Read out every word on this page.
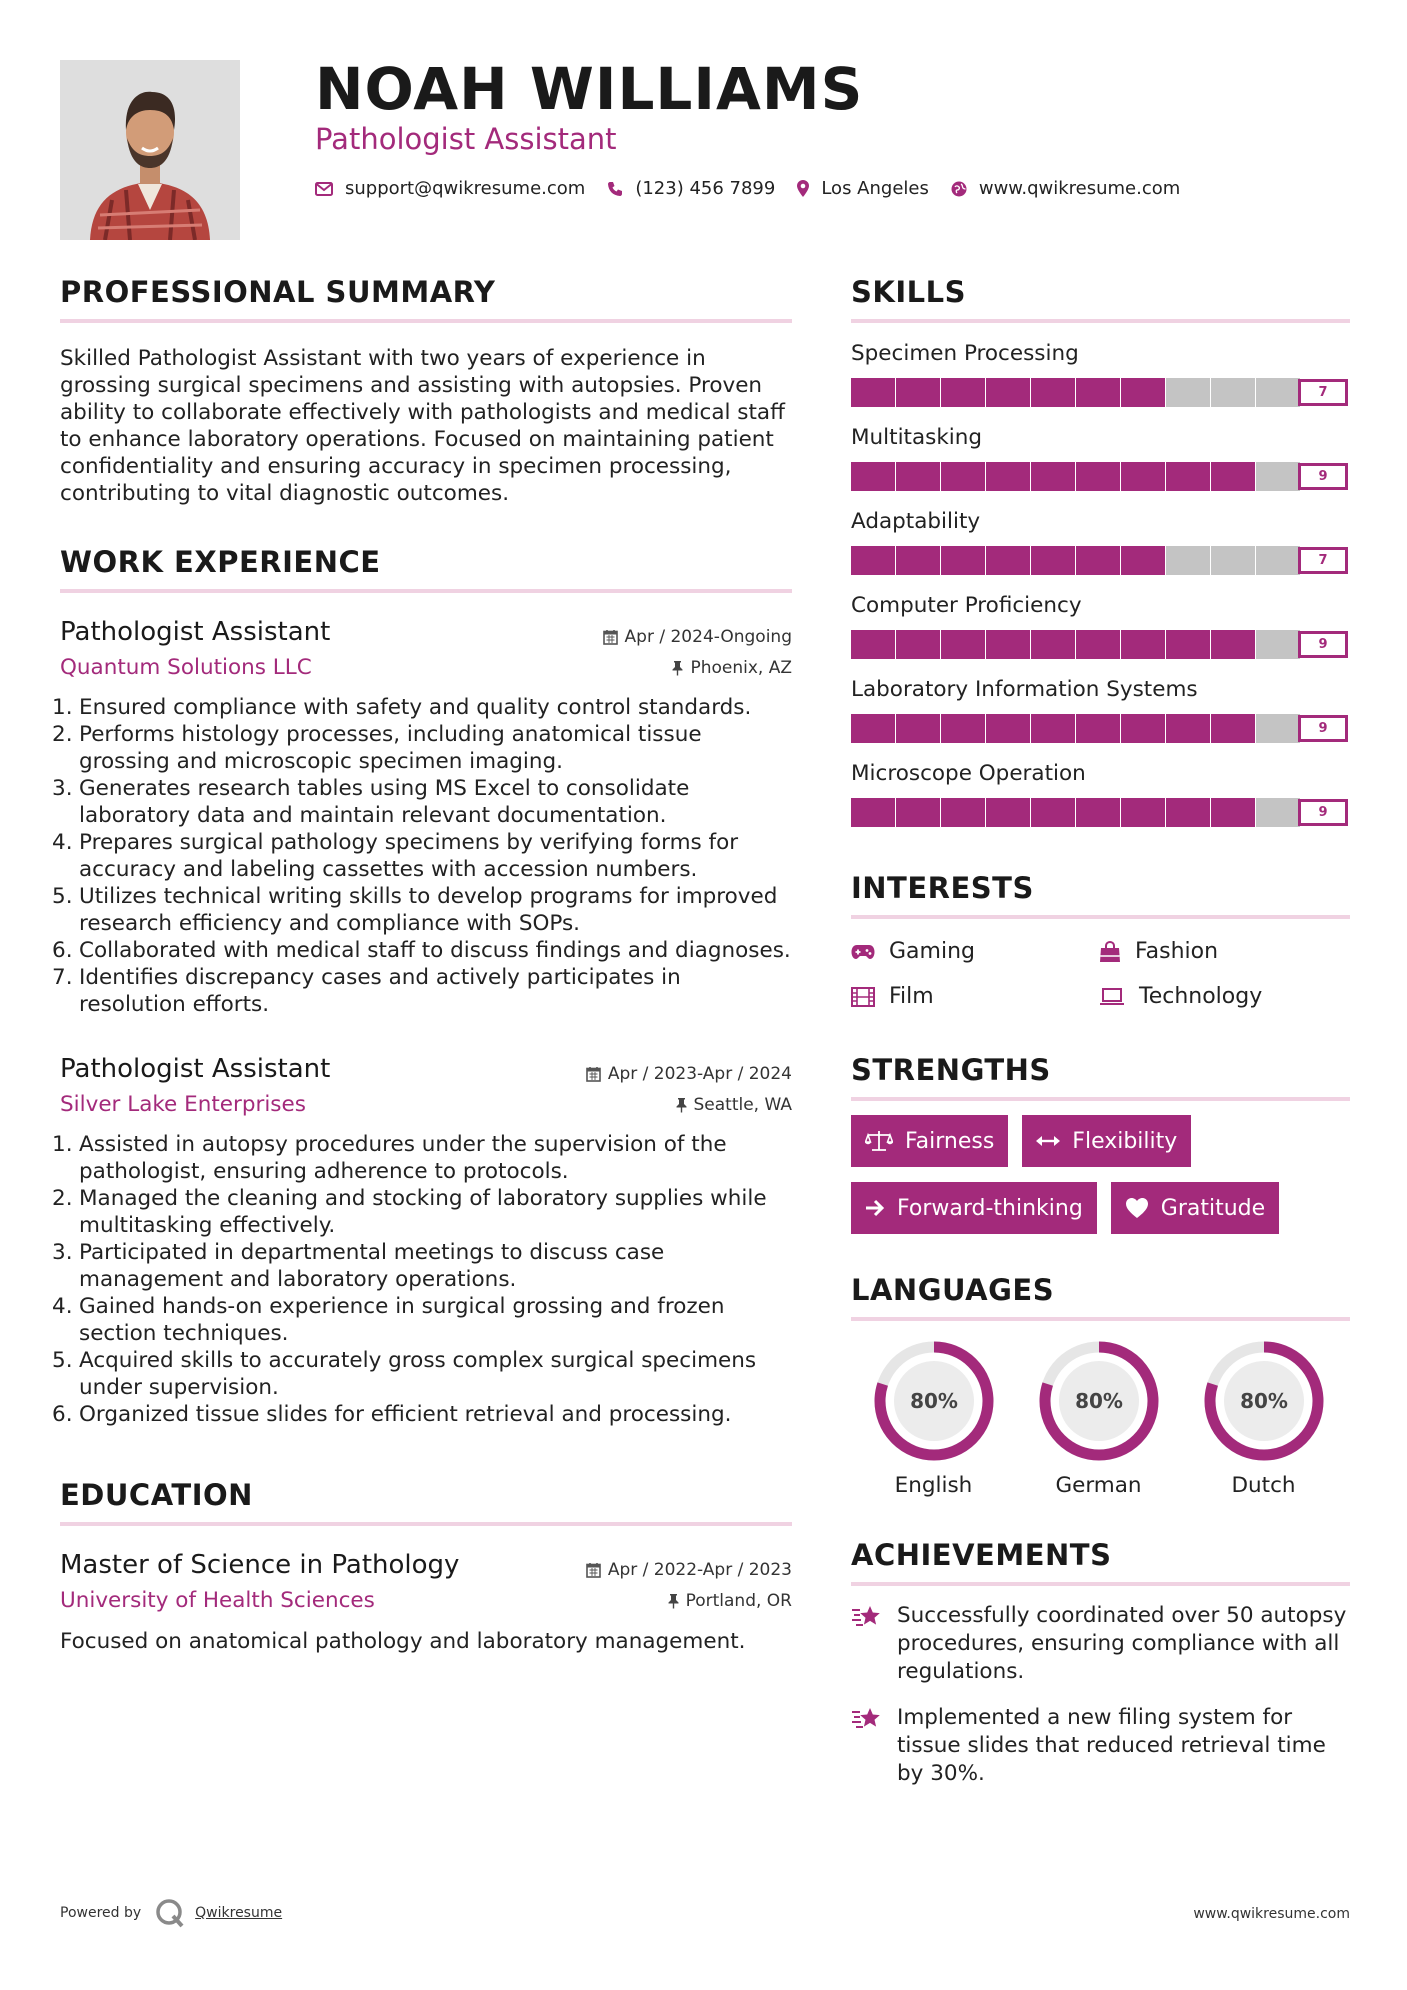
NOAH WILLIAMS
Pathologist Assistant
support@qwikresume.com	(123) 456 7899	Los Angeles	www.qwikresume.com
PROFESSIONAL SUMMARY

Skilled Pathologist Assistant with two years of experience in grossing surgical specimens and assisting with autopsies. Proven ability to collaborate effectively with pathologists and medical staff to enhance laboratory operations. Focused on maintaining patient confidentiality and ensuring accuracy in specimen processing, contributing to vital diagnostic outcomes.

WORK EXPERIENCE
Pathologist Assistant	Apr / 2024-Ongoing
Quantum Solutions LLC	Phoenix, AZ
Ensured compliance with safety and quality control standards.
Performs histology processes, including anatomical tissue grossing and microscopic specimen imaging.
Generates research tables using MS Excel to consolidate laboratory data and maintain relevant documentation.
Prepares surgical pathology specimens by verifying forms for accuracy and labeling cassettes with accession numbers.
Utilizes technical writing skills to develop programs for improved research efficiency and compliance with SOPs.
Collaborated with medical staff to discuss findings and diagnoses.
Identifies discrepancy cases and actively participates in resolution efforts.
Pathologist Assistant	Apr / 2023-Apr / 2024
Silver Lake Enterprises	Seattle, WA
Assisted in autopsy procedures under the supervision of the pathologist, ensuring adherence to protocols.
Managed the cleaning and stocking of laboratory supplies while multitasking effectively.
Participated in departmental meetings to discuss case management and laboratory operations.
Gained hands-on experience in surgical grossing and frozen section techniques.
Acquired skills to accurately gross complex surgical specimens under supervision.
Organized tissue slides for efficient retrieval and processing.
EDUCATION
Master of Science in Pathology	Apr / 2022-Apr / 2023
University of Health Sciences	Portland, OR

Focused on anatomical pathology and laboratory management.

SKILLS
Specimen Processing
7
Multitasking
9
Adaptability
7
Computer Proficiency
9
Laboratory Information Systems
9
Microscope Operation
9
INTERESTS
Gaming	Fashion
Film	Technology
STRENGTHS
Fairness	Flexibility
Forward-thinking	Gratitude
LANGUAGES
80%
English
80%
German
80%
Dutch
ACHIEVEMENTS
Successfully coordinated over 50 autopsy procedures, ensuring compliance with all regulations.
Implemented a new filing system for tissue slides that reduced retrieval time by 30%.
Powered by	Qwikresume	www.qwikresume.com
